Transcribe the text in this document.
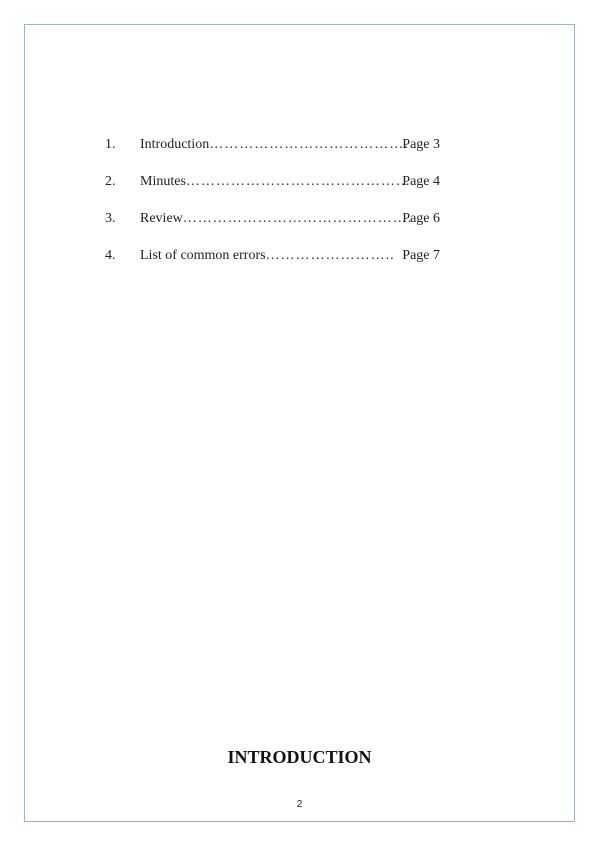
1. Introduction………………………………….
Page 3
2. Minutes………………………………………
Page 4
3. Review……………………………………….
Page 6
4. List of common errors…………………….. Page 7
INTRODUCTION
2
